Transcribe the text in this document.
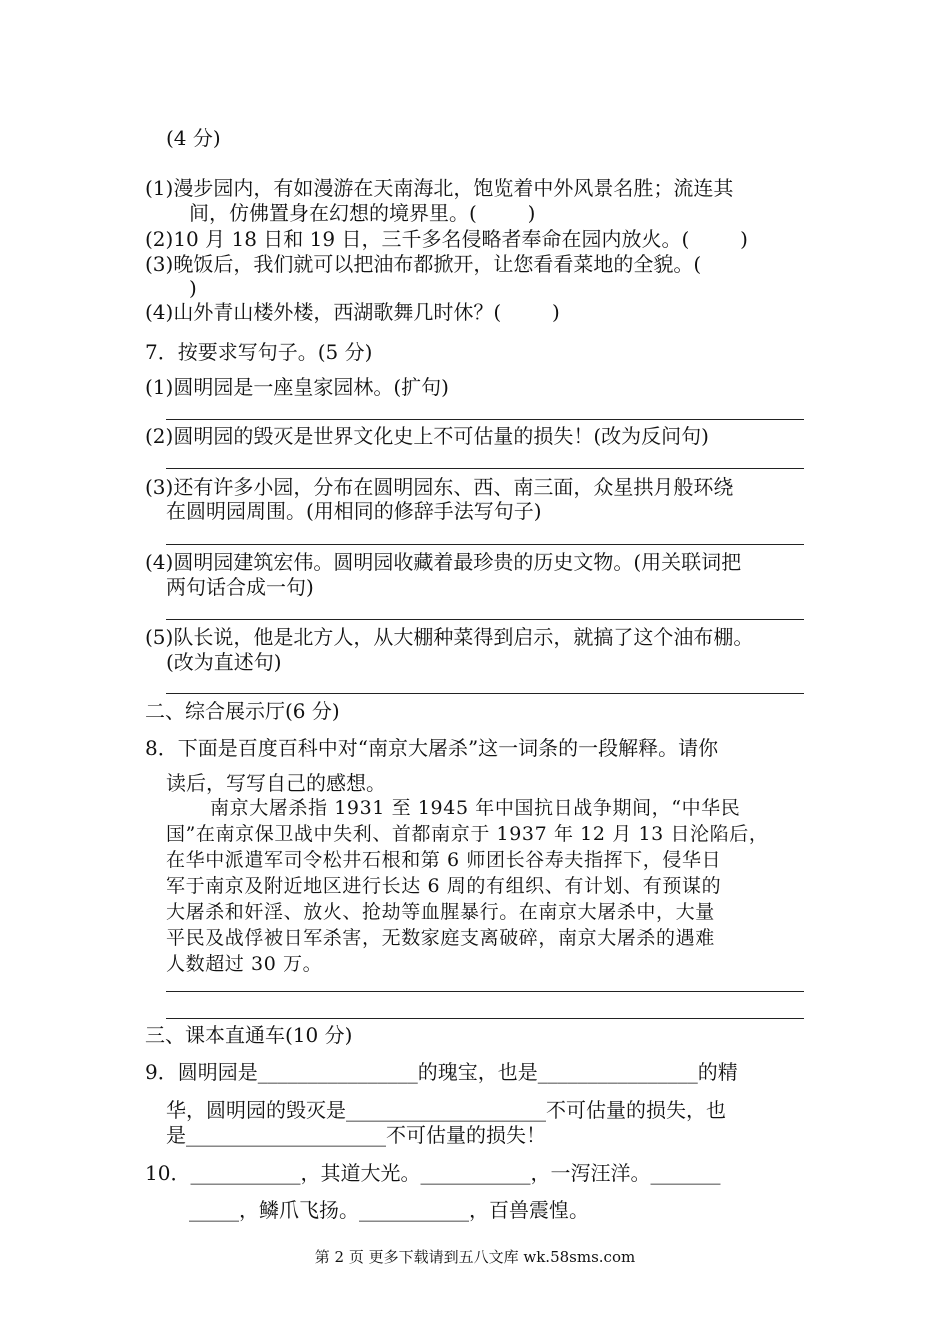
(4 分)
(1)漫步园内，有如漫游在天南海北，饱览着中外风景名胜；流连其
间，仿佛置身在幻想的境界里。(        )
(2)10 月 18 日和 19 日，三千多名侵略者奉命在园内放火。(        )
(3)晚饭后，我们就可以把油布都掀开，让您看看菜地的全貌。(
)
(4)山外青山楼外楼，西湖歌舞几时休？(        )
7．按要求写句子。(5 分)
(1)圆明园是一座皇家园林。(扩句)
(2)圆明园的毁灭是世界文化史上不可估量的损失！(改为反问句)
(3)还有许多小园，分布在圆明园东、西、南三面，众星拱月般环绕
在圆明园周围。(用相同的修辞手法写句子)
(4)圆明园建筑宏伟。圆明园收藏着最珍贵的历史文物。(用关联词把
两句话合成一句)
(5)队长说，他是北方人，从大棚种菜得到启示，就搞了这个油布棚。
(改为直述句)
二、综合展示厅(6 分)
8．下面是百度百科中对“南京大屠杀”这一词条的一段解释。请你
读后，写写自己的感想。
南京大屠杀指 1931 至 1945 年中国抗日战争期间，“中华民
国”在南京保卫战中失利、首都南京于 1937 年 12 月 13 日沦陷后，
在华中派遣军司令松井石根和第 6 师团长谷寿夫指挥下，侵华日
军于南京及附近地区进行长达 6 周的有组织、有计划、有预谋的
大屠杀和奸淫、放火、抢劫等血腥暴行。在南京大屠杀中，大量
平民及战俘被日军杀害，无数家庭支离破碎，南京大屠杀的遇难
人数超过 30 万。
三、课本直通车(10 分)
9．圆明园是________________的瑰宝，也是________________的精
华，圆明园的毁灭是____________________不可估量的损失，也
是____________________不可估量的损失！
10．___________，其道大光。___________，一泻汪洋。_______
_____，鳞爪飞扬。___________，百兽震惶。
第 2 页 更多下载请到五八文库 wk.58sms.com
